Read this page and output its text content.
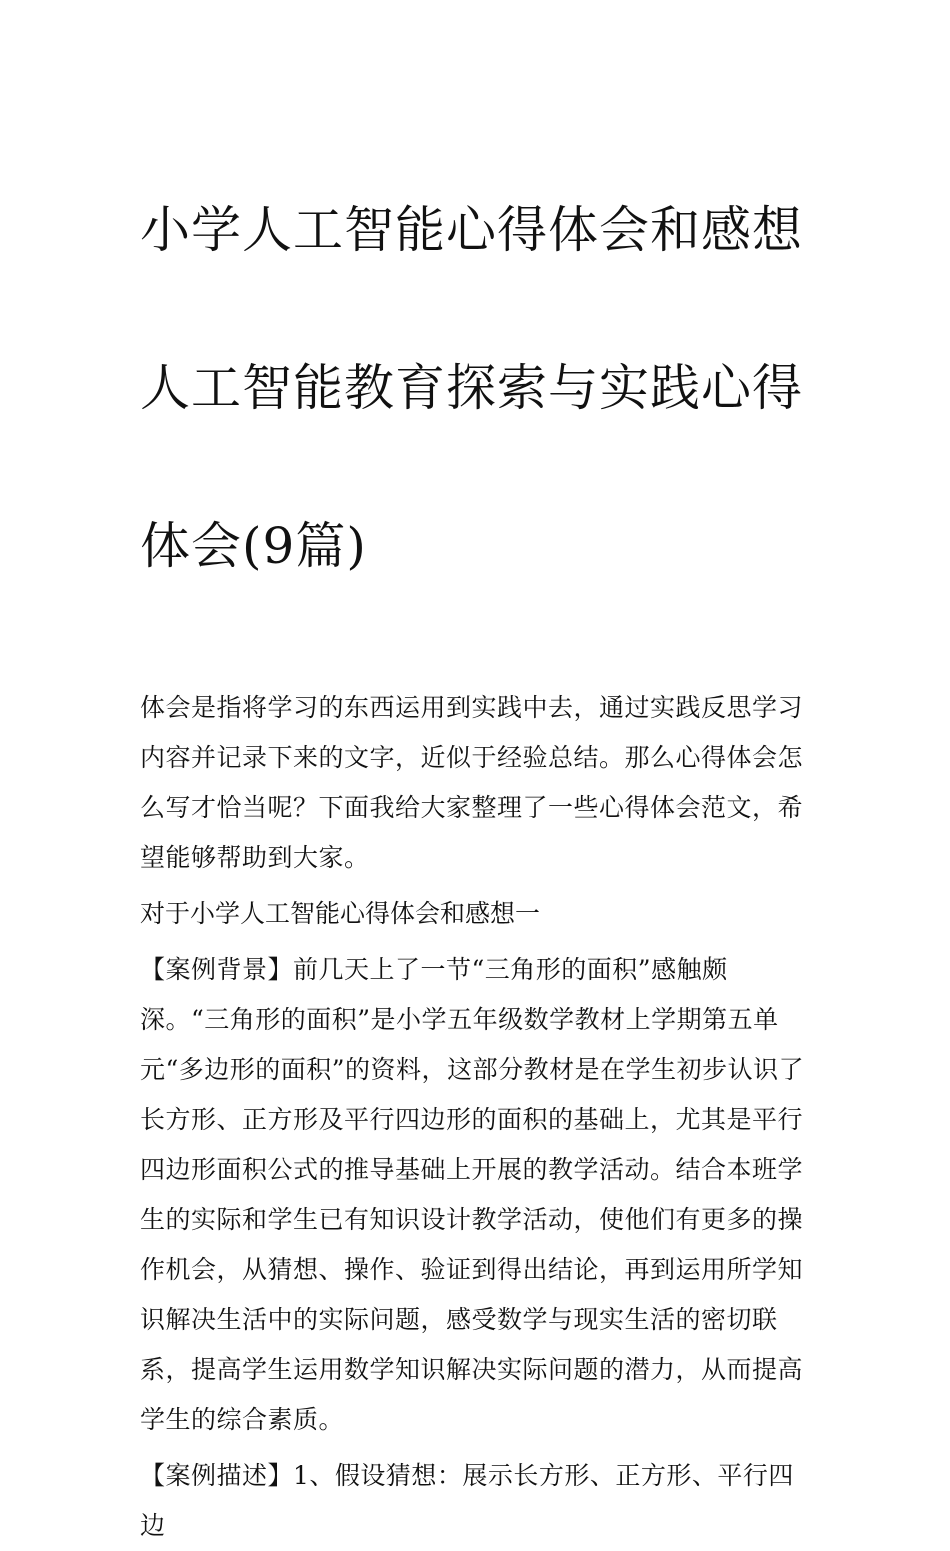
小学人工智能心得体会和感想

人工智能教育探索与实践心得

体会(9篇)

体会是指将学习的东西运用到实践中去，通过实践反思学习内容并记录下来的文字，近似于经验总结。那么心得体会怎么写才恰当呢？下面我给大家整理了一些心得体会范文，希望能够帮助到大家。

对于小学人工智能心得体会和感想一

【案例背景】前几天上了一节“三角形的面积”感触颇深。“三角形的面积”是小学五年级数学教材上学期第五单元“多边形的面积”的资料，这部分教材是在学生初步认识了长方形、正方形及平行四边形的面积的基础上，尤其是平行四边形面积公式的推导基础上开展的教学活动。结合本班学生的实际和学生已有知识设计教学活动，使他们有更多的操作机会，从猜想、操作、验证到得出结论，再到运用所学知识解决生活中的实际问题，感受数学与现实生活的密切联系，提高学生运用数学知识解决实际问题的潜力，从而提高学生的综合素质。

【案例描述】1、假设猜想：展示长方形、正方形、平行四边
